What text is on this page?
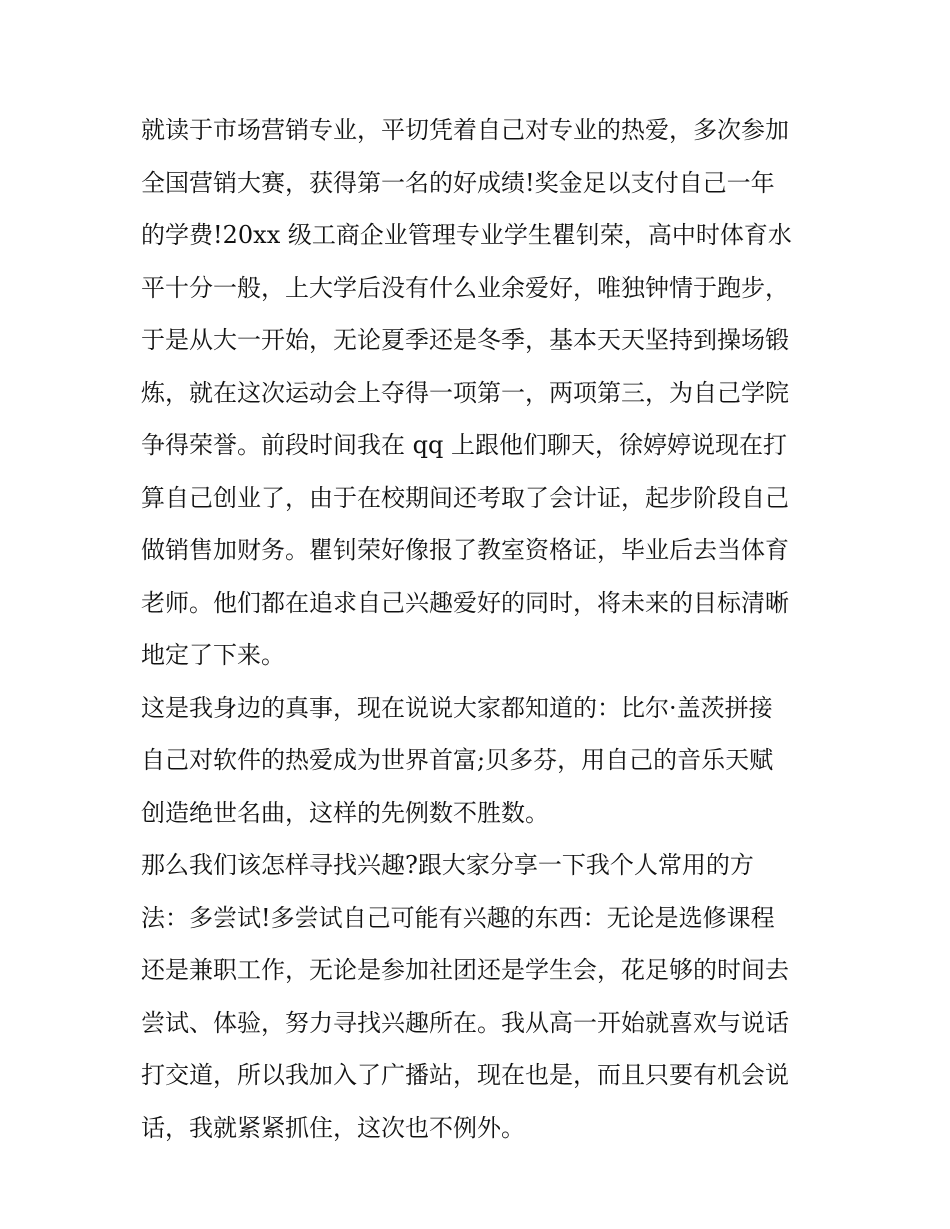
就读于市场营销专业，平切凭着自己对专业的热爱，多次参加
全国营销大赛，获得第一名的好成绩!奖金足以支付自己一年
的学费!20xx 级工商企业管理专业学生瞿钊荣，高中时体育水
平十分一般，上大学后没有什么业余爱好，唯独钟情于跑步，
于是从大一开始，无论夏季还是冬季，基本天天坚持到操场锻
炼，就在这次运动会上夺得一项第一，两项第三，为自己学院
争得荣誉。前段时间我在 qq 上跟他们聊天，徐婷婷说现在打
算自己创业了，由于在校期间还考取了会计证，起步阶段自己
做销售加财务。瞿钊荣好像报了教室资格证，毕业后去当体育
老师。他们都在追求自己兴趣爱好的同时，将未来的目标清晰
地定了下来。
这是我身边的真事，现在说说大家都知道的：比尔·盖茨拼接
自己对软件的热爱成为世界首富;贝多芬，用自己的音乐天赋
创造绝世名曲，这样的先例数不胜数。
那么我们该怎样寻找兴趣?跟大家分享一下我个人常用的方
法：多尝试!多尝试自己可能有兴趣的东西：无论是选修课程
还是兼职工作，无论是参加社团还是学生会，花足够的时间去
尝试、体验，努力寻找兴趣所在。我从高一开始就喜欢与说话
打交道，所以我加入了广播站，现在也是，而且只要有机会说
话，我就紧紧抓住，这次也不例外。
